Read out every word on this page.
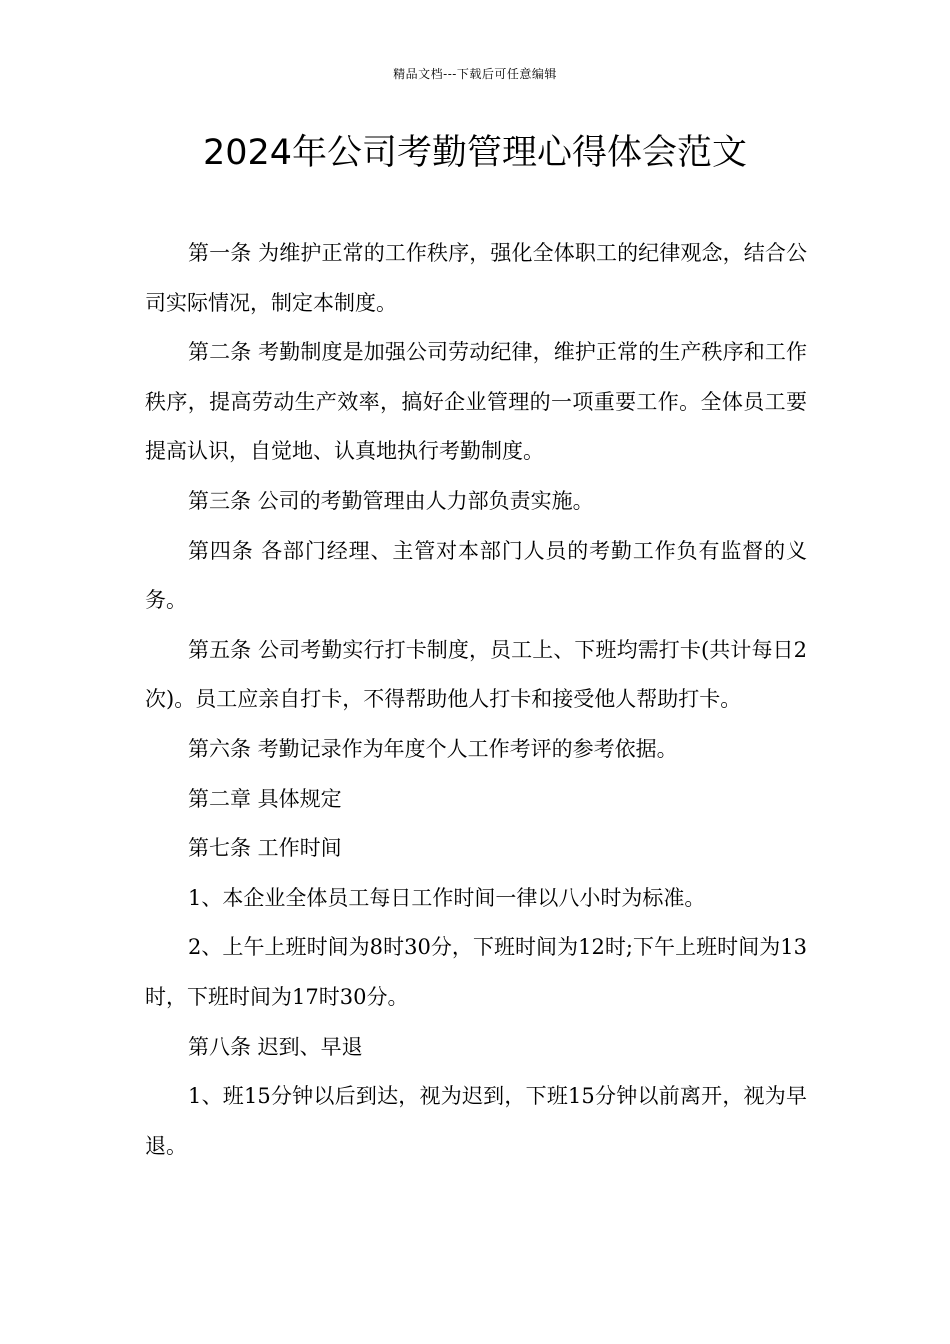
精品文档---下载后可任意编辑
2024年公司考勤管理心得体会范文

第一条 为维护正常的工作秩序，强化全体职工的纪律观念，结合公司实际情况，制定本制度。

第二条 考勤制度是加强公司劳动纪律，维护正常的生产秩序和工作秩序，提高劳动生产效率，搞好企业管理的一项重要工作。全体员工要提高认识，自觉地、认真地执行考勤制度。

第三条 公司的考勤管理由人力部负责实施。

第四条 各部门经理、主管对本部门人员的考勤工作负有监督的义务。

第五条 公司考勤实行打卡制度，员工上、下班均需打卡(共计每日2次)。员工应亲自打卡，不得帮助他人打卡和接受他人帮助打卡。

第六条 考勤记录作为年度个人工作考评的参考依据。

第二章 具体规定

第七条 工作时间

1、本企业全体员工每日工作时间一律以八小时为标准。

2、上午上班时间为8时30分，下班时间为12时;下午上班时间为13时，下班时间为17时30分。

第八条 迟到、早退

1、班15分钟以后到达，视为迟到，下班15分钟以前离开，视为早退。
